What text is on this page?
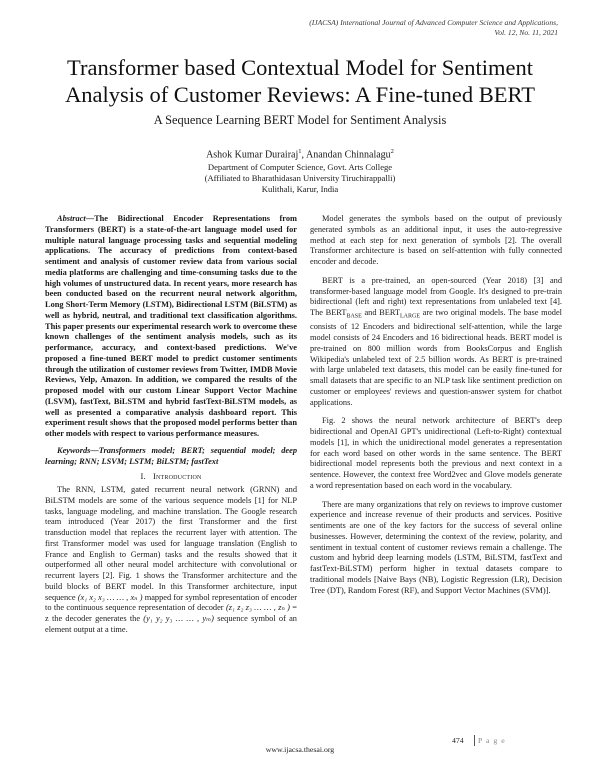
(IJACSA) International Journal of Advanced Computer Science and Applications,
Vol. 12, No. 11, 2021
Transformer based Contextual Model for Sentiment
Analysis of Customer Reviews: A Fine-tuned BERT
A Sequence Learning BERT Model for Sentiment Analysis
Ashok Kumar Durairaj$^1$, Anandan Chinnalagu$^2$
Department of Computer Science, Govt. Arts College
(Affiliated to Bharathidasan University Tiruchirappalli)
Kulithali, Karur, India

Abstract—The Bidirectional Encoder Representations from Transformers (BERT) is a state-of-the-art language model used for multiple natural language processing tasks and sequential modeling applications. The accuracy of predictions from context-based sentiment and analysis of customer review data from various social media platforms are challenging and time-consuming tasks due to the high volumes of unstructured data. In recent years, more research has been conducted based on the recurrent neural network algorithm, Long Short-Term Memory (LSTM), Bidirectional LSTM (BiLSTM) as well as hybrid, neutral, and traditional text classification algorithms. This paper presents our experimental research work to overcome these known challenges of the sentiment analysis models, such as its performance, accuracy, and context-based predictions. We've proposed a fine-tuned BERT model to predict customer sentiments through the utilization of customer reviews from Twitter, IMDB Movie Reviews, Yelp, Amazon. In addition, we compared the results of the proposed model with our custom Linear Support Vector Machine (LSVM), fastText, BiLSTM and hybrid fastText-BiLSTM models, as well as presented a comparative analysis dashboard report. This experiment result shows that the proposed model performs better than other models with respect to various performance measures.

Keywords—Transformers model; BERT; sequential model; deep learning; RNN; LSVM; LSTM; BiLSTM; fastText

I. Introduction

The RNN, LSTM, gated recurrent neural network (GRNN) and BiLSTM models are some of the various sequence models [1] for NLP tasks, language modeling, and machine translation. The Google research team introduced (Year 2017) the first Transformer and the first transduction model that replaces the recurrent layer with attention. The first Transformer model was used for language translation (English to France and English to German) tasks and the results showed that it outperformed all other neural model architecture with convolutional or recurrent layers [2]. Fig. 1 shows the Transformer architecture and the build blocks of BERT model. In this Transformer architecture, input sequence (x₁ x₂ x₃ … … , xₙ ) mapped for symbol representation of encoder to the continuous sequence representation of decoder (z₁ z₂ z₃ … … , zₙ ) = z the decoder generates the (y₁ y₂ y₃ … … , yₘ) sequence symbol of an element output at a time.

Model generates the symbols based on the output of previously generated symbols as an additional input, it uses the auto-regressive method at each step for next generation of symbols [2]. The overall Transformer architecture is based on self-attention with fully connected encoder and decode.

BERT is a pre-trained, an open-sourced (Year 2018) [3] and transformer-based language model from Google. It's designed to pre-train bidirectional (left and right) text representations from unlabeled text [4]. The $BERT_{BASE}$ and $BERT_{LARGE}$ are two original models. The base model consists of 12 Encoders and bidirectional self-attention, while the large model consists of 24 Encoders and 16 bidirectional heads. BERT model is pre-trained on 800 million words from BooksCorpus and English Wikipedia's unlabeled text of 2.5 billion words. As BERT is pre-trained with large unlabeled text datasets, this model can be easily fine-tuned for small datasets that are specific to an NLP task like sentiment prediction on customer or employees' reviews and question-answer system for chatbot applications.

Fig. 2 shows the neural network architecture of BERT's deep bidirectional and OpenAI GPT's unidirectional (Left-to-Right) contextual models [1], in which the unidirectional model generates a representation for each word based on other words in the same sentence. The BERT bidirectional model represents both the previous and next context in a sentence. However, the context free Word2vec and Glove models generate a word representation based on each word in the vocabulary.

There are many organizations that rely on reviews to improve customer experience and increase revenue of their products and services. Positive sentiments are one of the key factors for the success of several online businesses. However, determining the context of the review, polarity, and sentiment in textual content of customer reviews remain a challenge. The custom and hybrid deep learning models (LSTM, BiLSTM, fastText and fastText-BiLSTM) perform higher in textual datasets compare to traditional models [Naive Bays (NB), Logistic Regression (LR), Decision Tree (DT), Random Forest (RF), and Support Vector Machines (SVM)].

474	P a g e
www.ijacsa.thesai.org
